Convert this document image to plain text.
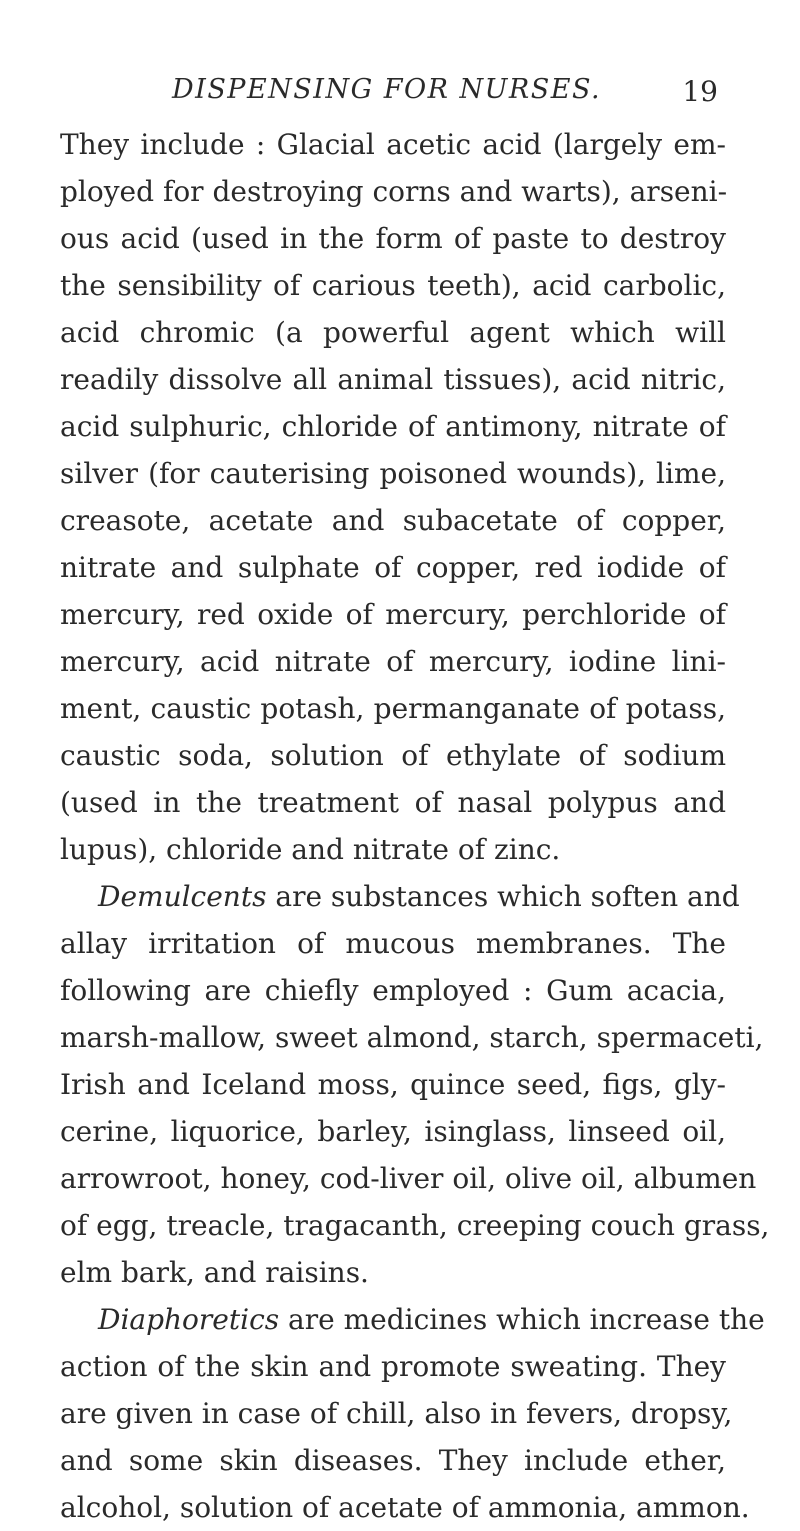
DISPENSING FOR NURSES.	19
They include : Glacial acetic acid (largely em-
ployed for destroying corns and warts), arseni-
ous acid (used in the form of paste to destroy
the sensibility of carious teeth), acid carbolic,
acid chromic (a powerful agent which will
readily dissolve all animal tissues), acid nitric,
acid sulphuric, chloride of antimony, nitrate of
silver (for cauterising poisoned wounds), lime,
creasote, acetate and subacetate of copper,
nitrate and sulphate of copper, red iodide of
mercury, red oxide of mercury, perchloride of
mercury, acid nitrate of mercury, iodine lini-
ment, caustic potash, permanganate of potass,
caustic soda, solution of ethylate of sodium
(used in the treatment of nasal polypus and
lupus), chloride and nitrate of zinc.
Demulcents are substances which soften and
allay irritation of mucous membranes. The
following are chiefly employed : Gum acacia,
marsh-mallow, sweet almond, starch, spermaceti,
Irish and Iceland moss, quince seed, figs, gly-
cerine, liquorice, barley, isinglass, linseed oil,
arrowroot, honey, cod-liver oil, olive oil, albumen
of egg, treacle, tragacanth, creeping couch grass,
elm bark, and raisins.
Diaphoretics are medicines which increase the
action of the skin and promote sweating. They
are given in case of chill, also in fevers, dropsy,
and some skin diseases. They include ether,
alcohol, solution of acetate of ammonia, ammon.
